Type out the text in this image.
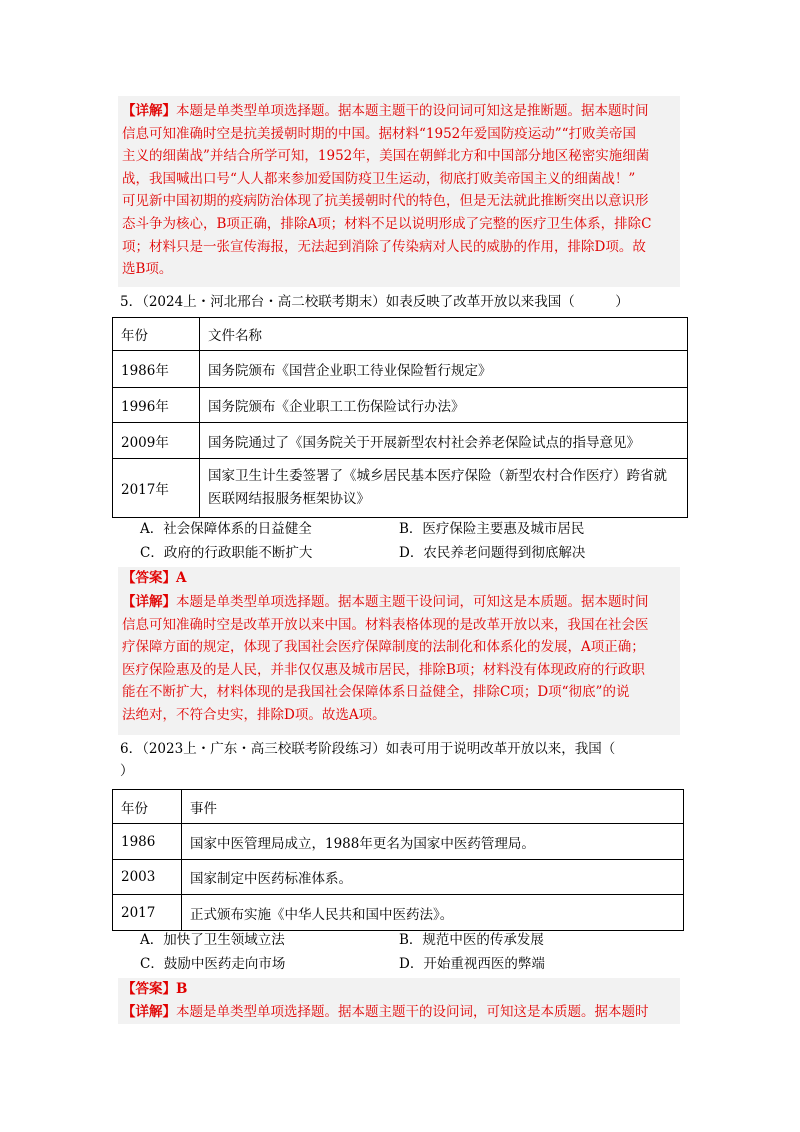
【详解】本题是单类型单项选择题。据本题主题干的设问词可知这是推断题。据本题时间

信息可知准确时空是抗美援朝时期的中国。据材料“1952年爱国防疫运动”“打败美帝国

主义的细菌战”并结合所学可知，1952年，美国在朝鲜北方和中国部分地区秘密实施细菌

战，我国喊出口号“人人都来参加爱国防疫卫生运动，彻底打败美帝国主义的细菌战！”

可见新中国初期的疫病防治体现了抗美援朝时代的特色，但是无法就此推断突出以意识形

态斗争为核心，B项正确，排除A项；材料不足以说明形成了完整的医疗卫生体系，排除C

项；材料只是一张宣传海报，无法起到消除了传染病对人民的威胁的作用，排除D项。故

选B项。

5．（2024上・河北邢台・高二校联考期末）如表反映了改革开放以来我国（　　　）
年份	文件名称
1986年	国务院颁布《国营企业职工待业保险暂行规定》
1996年	国务院颁布《企业职工工伤保险试行办法》
2009年	国务院通过了《国务院关于开展新型农村社会养老保险试点的指导意见》
2017年	国家卫生计生委签署了《城乡居民基本医疗保险（新型农村合作医疗）跨省就医联网结报服务框架协议》
A．社会保障体系的日益健全	B．医疗保险主要惠及城市居民
C．政府的行政职能不断扩大	D．农民养老问题得到彻底解决
【答案】A

【详解】本题是单类型单项选择题。据本题主题干设问词，可知这是本质题。据本题时间

信息可知准确时空是改革开放以来中国。材料表格体现的是改革开放以来，我国在社会医

疗保障方面的规定，体现了我国社会医疗保障制度的法制化和体系化的发展，A项正确；

医疗保险惠及的是人民，并非仅仅惠及城市居民，排除B项；材料没有体现政府的行政职

能在不断扩大，材料体现的是我国社会保障体系日益健全，排除C项；D项“彻底”的说

法绝对，不符合史实，排除D项。故选A项。

6．（2023上・广东・高三校联考阶段练习）如表可用于说明改革开放以来，我国（
）
年份	事件
1986	国家中医管理局成立，1988年更名为国家中医药管理局。
2003	国家制定中医药标准体系。
2017	正式颁布实施《中华人民共和国中医药法》。
A．加快了卫生领域立法	B．规范中医的传承发展
C．鼓励中医药走向市场	D．开始重视西医的弊端
【答案】B

【详解】本题是单类型单项选择题。据本题主题干的设问词，可知这是本质题。据本题时
